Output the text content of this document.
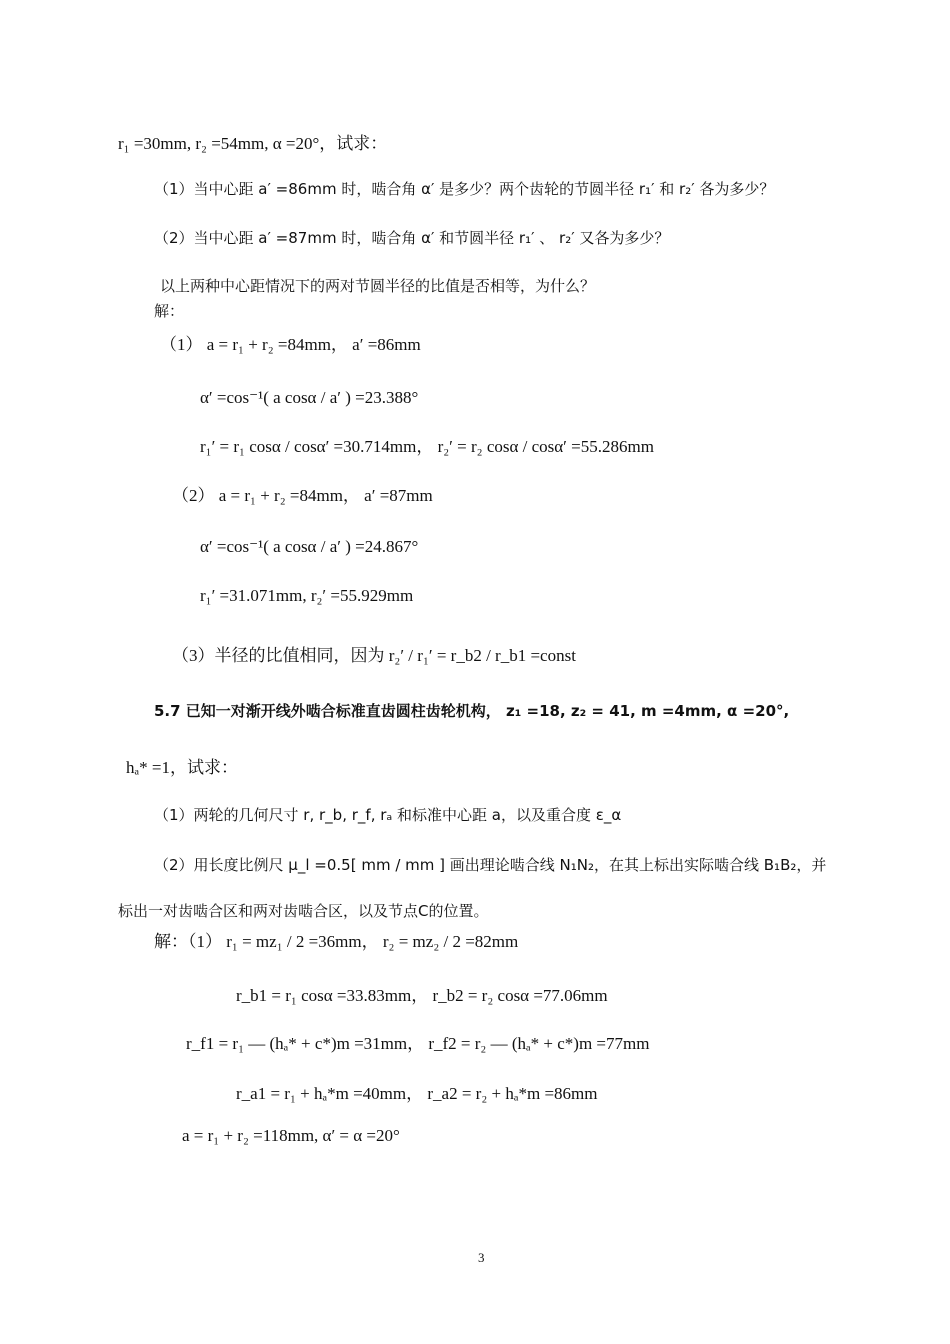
r₁ =30mm, r₂ =54mm, α =20°，试求：
（1）当中心距 a′ =86mm 时，啮合角 α′ 是多少？两个齿轮的节圆半径 r₁′ 和 r₂′ 各为多少？
（2）当中心距 a′ =87mm 时，啮合角 α′ 和节圆半径 r₁′ 、 r₂′ 又各为多少？
以上两种中心距情况下的两对节圆半径的比值是否相等，为什么？
解：
（1） a = r₁ + r₂ =84mm， a′ =86mm
α′ =cos⁻¹( a cosα / a′ ) =23.388°
r₁′ = r₁ cosα / cosα′ =30.714mm， r₂′ = r₂ cosα / cosα′ =55.286mm
（2） a = r₁ + r₂ =84mm， a′ =87mm
α′ =cos⁻¹( a cosα / a′ ) =24.867°
r₁′ =31.071mm, r₂′ =55.929mm
（3）半径的比值相同，因为 r₂′ / r₁′ = r_b2 / r_b1 =const
5.7 已知一对渐开线外啮合标准直齿圆柱齿轮机构， z₁ =18, z₂ = 41, m =4mm, α =20°,
hₐ* =1，试求：
（1）两轮的几何尺寸 r, r_b, r_f, rₐ 和标准中心距 a，以及重合度 ε_α
（2）用长度比例尺 μ_l =0.5[ mm / mm ] 画出理论啮合线 N₁N₂，在其上标出实际啮合线 B₁B₂，并
标出一对齿啮合区和两对齿啮合区，以及节点C的位置。
解：（1） r₁ = mz₁ / 2 =36mm， r₂ = mz₂ / 2 =82mm
r_b1 = r₁ cosα =33.83mm， r_b2 = r₂ cosα =77.06mm
r_f1 = r₁ — (hₐ* + c*)m =31mm， r_f2 = r₂ — (hₐ* + c*)m =77mm
r_a1 = r₁ + hₐ*m =40mm， r_a2 = r₂ + hₐ*m =86mm
a = r₁ + r₂ =118mm, α′ = α =20°
3
